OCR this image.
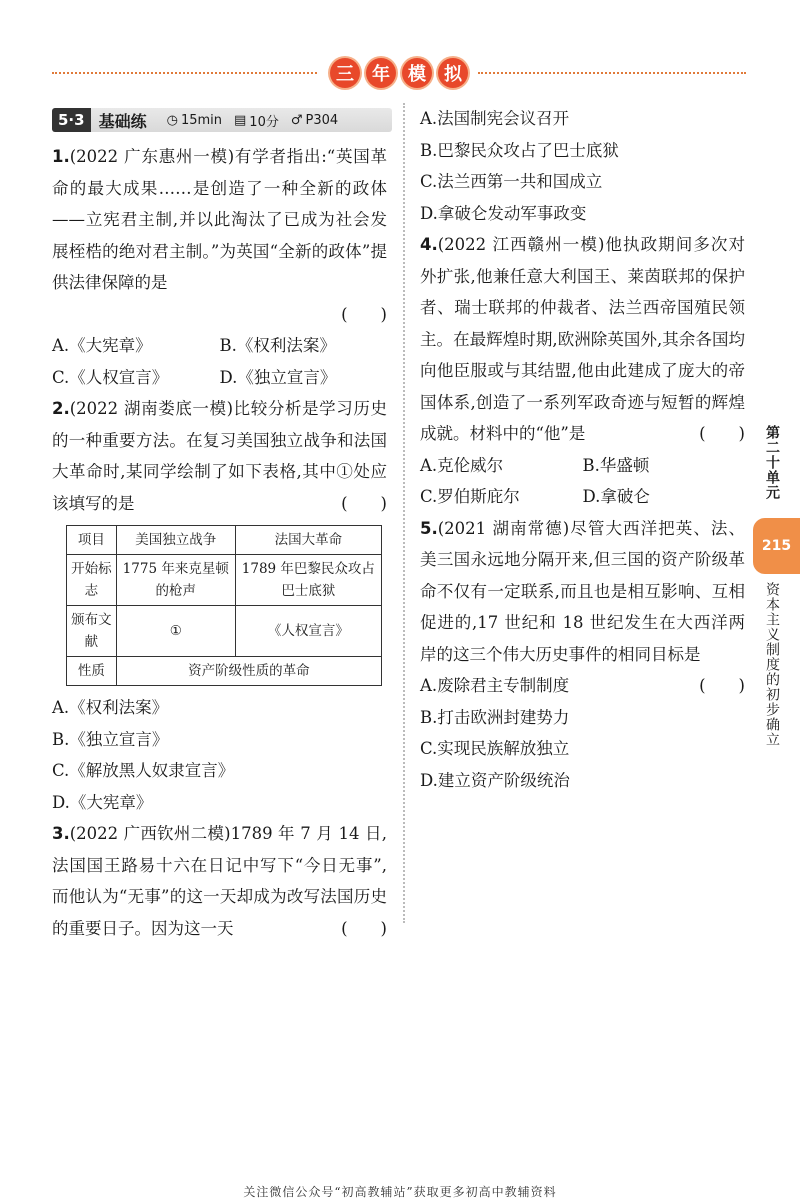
三	年	模	拟
5·3 基础练 ◷ 15min ▤ 10分 ♂ P304
1.(2022 广东惠州一模)有学者指出:“英国革命的最大成果……是创造了一种全新的政体——立宪君主制,并以此淘汰了已成为社会发展桎梏的绝对君主制。”为英国“全新的政体”提供法律保障的是
(　　)
A.《大宪章》	B.《权利法案》
C.《人权宣言》	D.《独立宣言》
2.(2022 湖南娄底一模)比较分析是学习历史的一种重要方法。在复习美国独立战争和法国大革命时,某同学绘制了如下表格,其中①处应该填写的是	(　　)
项目	美国独立战争	法国大革命
开始标志	1775 年来克星顿的枪声	1789 年巴黎民众攻占巴士底狱
颁布文献	①	《人权宣言》
性质	资产阶级性质的革命	
A.《权利法案》
B.《独立宣言》
C.《解放黑人奴隶宣言》
D.《大宪章》
3.(2022 广西钦州二模)1789 年 7 月 14 日,法国国王路易十六在日记中写下“今日无事”,而他认为“无事”的这一天却成为改写法国历史的重要日子。因为这一天	(　　)
A.法国制宪会议召开
B.巴黎民众攻占了巴士底狱
C.法兰西第一共和国成立
D.拿破仑发动军事政变
4.(2022 江西赣州一模)他执政期间多次对外扩张,他兼任意大利国王、莱茵联邦的保护者、瑞士联邦的仲裁者、法兰西帝国殖民领主。在最辉煌时期,欧洲除英国外,其余各国均向他臣服或与其结盟,他由此建成了庞大的帝国体系,创造了一系列军政奇迹与短暂的辉煌成就。材料中的“他”是	(　　)
A.克伦威尔	B.华盛顿
C.罗伯斯庇尔	D.拿破仑
5.(2021 湖南常德)尽管大西洋把英、法、美三国永远地分隔开来,但三国的资产阶级革命不仅有一定联系,而且也是相互影响、互相促进的,17 世纪和 18 世纪发生在大西洋两岸的这三个伟大历史事件的相同目标是
(　　)
A.废除君主专制制度
B.打击欧洲封建势力
C.实现民族解放独立
D.建立资产阶级统治
第二十单元
215
资本主义制度的初步确立
关注微信公众号“初高教辅站”获取更多初高中教辅资料
